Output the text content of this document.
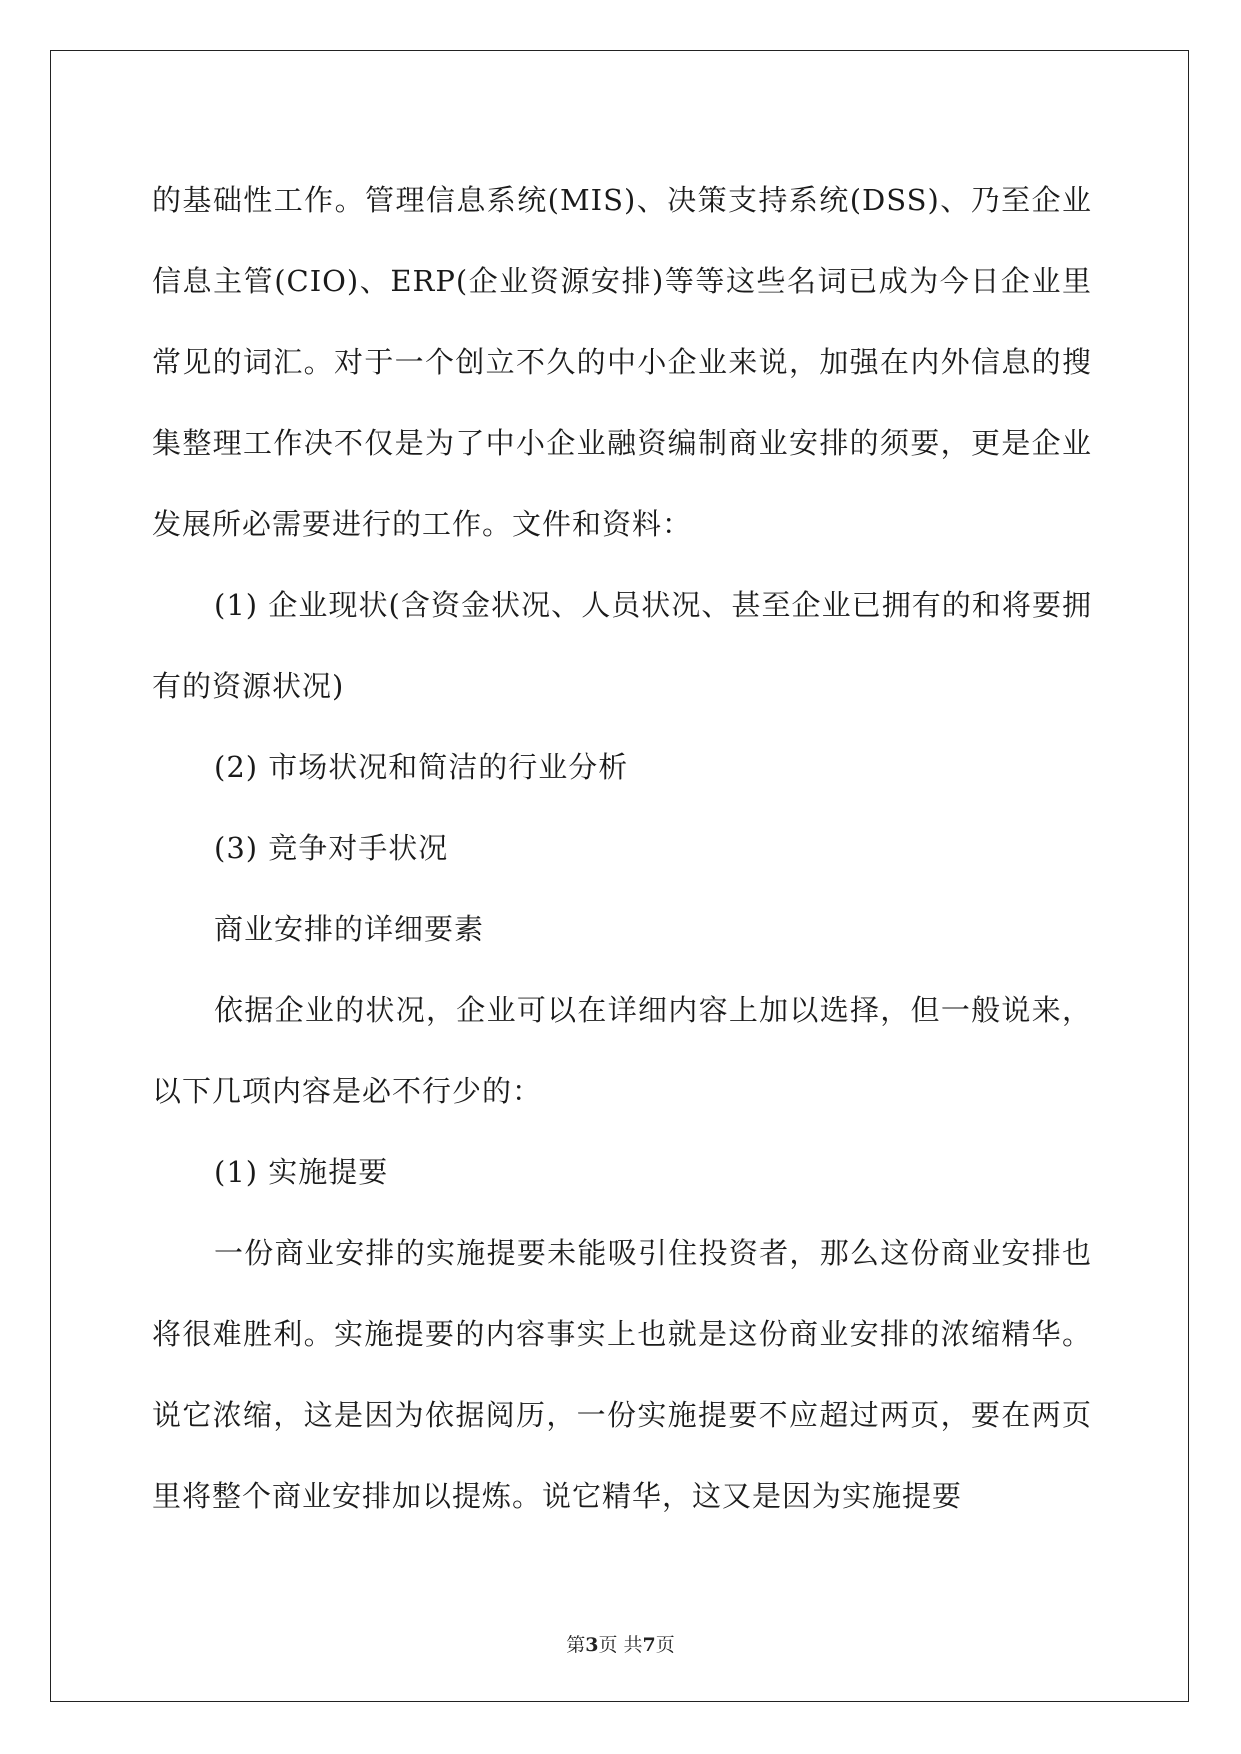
的基础性工作。管理信息系统(MIS)、决策支持系统(DSS)、乃至企业信息主管(CIO)、ERP(企业资源安排)等等这些名词已成为今日企业里常见的词汇。对于一个创立不久的中小企业来说，加强在内外信息的搜集整理工作决不仅是为了中小企业融资编制商业安排的须要，更是企业发展所必需要进行的工作。文件和资料：

(1) 企业现状(含资金状况、人员状况、甚至企业已拥有的和将要拥有的资源状况)

(2) 市场状况和简洁的行业分析

(3) 竞争对手状况

商业安排的详细要素

依据企业的状况，企业可以在详细内容上加以选择，但一般说来，以下几项内容是必不行少的：

(1) 实施提要

一份商业安排的实施提要未能吸引住投资者，那么这份商业安排也将很难胜利。实施提要的内容事实上也就是这份商业安排的浓缩精华。说它浓缩，这是因为依据阅历，一份实施提要不应超过两页，要在两页里将整个商业安排加以提炼。说它精华，这又是因为实施提要

第3页 共7页
